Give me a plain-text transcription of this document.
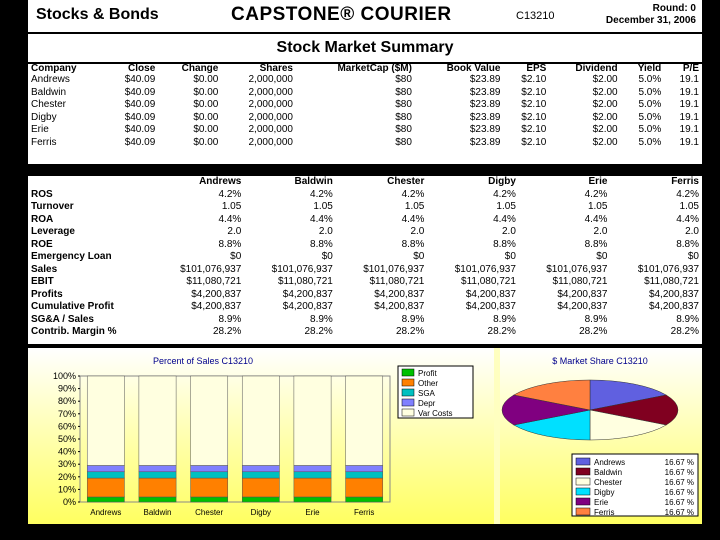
Stocks & Bonds	CAPSTONE® COURIER	C13210
Round: 0
December 31, 2006
Stock Market Summary
Company	Close	Change	Shares	MarketCap ($M)	Book Value	EPS	Dividend	Yield	P/E
Andrews	$40.09	$0.00	2,000,000	$80	$23.89	$2.10	$2.00	5.0%	19.1
Baldwin	$40.09	$0.00	2,000,000	$80	$23.89	$2.10	$2.00	5.0%	19.1
Chester	$40.09	$0.00	2,000,000	$80	$23.89	$2.10	$2.00	5.0%	19.1
Digby	$40.09	$0.00	2,000,000	$80	$23.89	$2.10	$2.00	5.0%	19.1
Erie	$40.09	$0.00	2,000,000	$80	$23.89	$2.10	$2.00	5.0%	19.1
Ferris	$40.09	$0.00	2,000,000	$80	$23.89	$2.10	$2.00	5.0%	19.1
	Andrews	Baldwin	Chester	Digby	Erie	Ferris
ROS	4.2%	4.2%	4.2%	4.2%	4.2%	4.2%
Turnover	1.05	1.05	1.05	1.05	1.05	1.05
ROA	4.4%	4.4%	4.4%	4.4%	4.4%	4.4%
Leverage	2.0	2.0	2.0	2.0	2.0	2.0
ROE	8.8%	8.8%	8.8%	8.8%	8.8%	8.8%
Emergency Loan	$0	$0	$0	$0	$0	$0
Sales	$101,076,937	$101,076,937	$101,076,937	$101,076,937	$101,076,937	$101,076,937
EBIT	$11,080,721	$11,080,721	$11,080,721	$11,080,721	$11,080,721	$11,080,721
Profits	$4,200,837	$4,200,837	$4,200,837	$4,200,837	$4,200,837	$4,200,837
Cumulative Profit	$4,200,837	$4,200,837	$4,200,837	$4,200,837	$4,200,837	$4,200,837
SG&A / Sales	8.9%	8.9%	8.9%	8.9%	8.9%	8.9%
Contrib. Margin %	28.2%	28.2%	28.2%	28.2%	28.2%	28.2%
Percent of Sales C13210
0%
10%
20%
30%
40%
50%
60%
70%
80%
90%
100%
Andrews	Baldwin	Chester	Digby	Erie	Ferris
Profit
Other
SGA
Depr
Var Costs
$ Market Share C13210
Andrews	16.67 %
Baldwin	16.67 %
Chester	16.67 %
Digby	16.67 %
Erie	16.67 %
Ferris	16.67 %
